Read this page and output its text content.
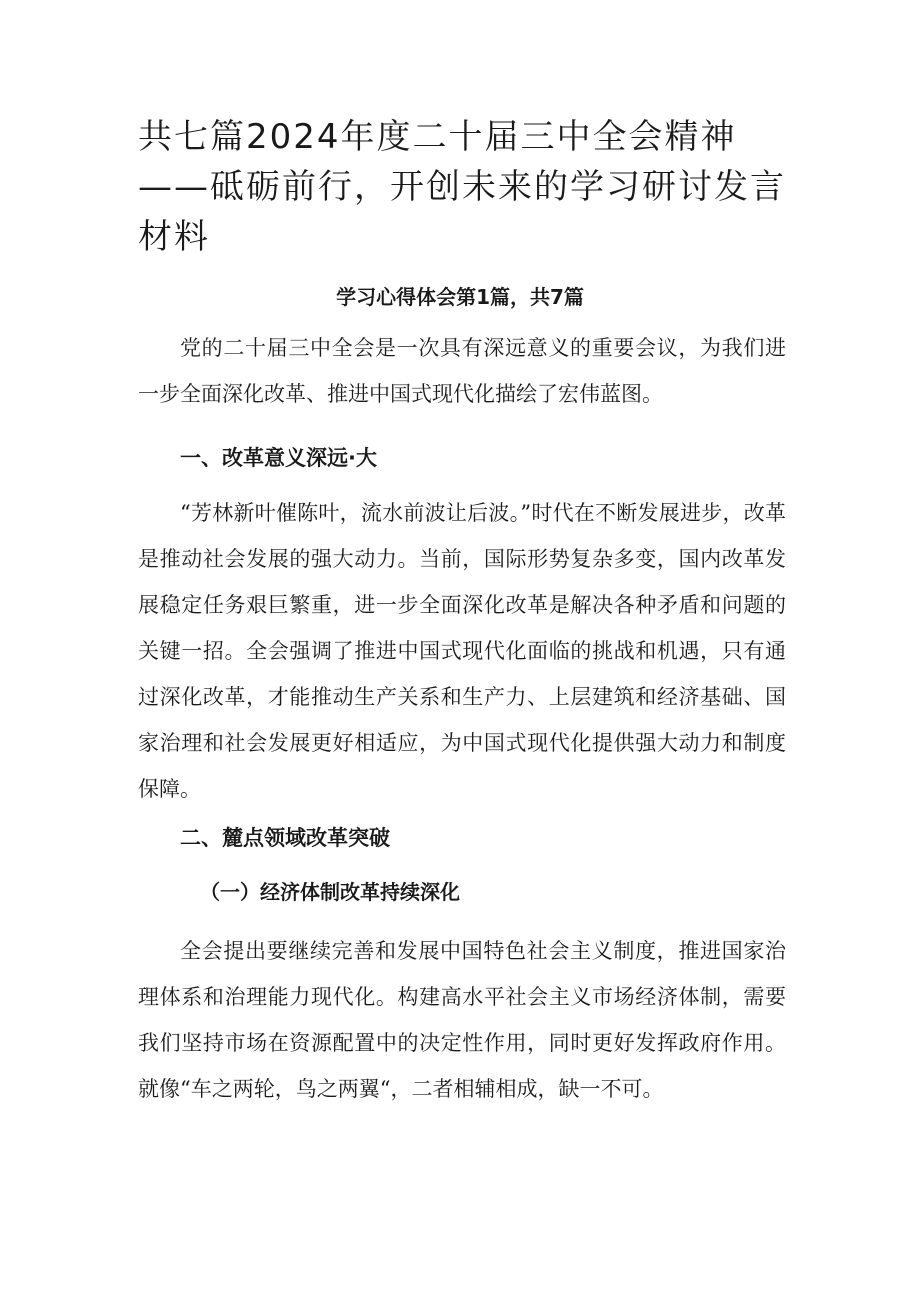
共七篇2024年度二十届三中全会精神——砥砺前行，开创未来的学习研讨发言材料
学习心得体会第1篇，共7篇

党的二十届三中全会是一次具有深远意义的重要会议，为我们进一步全面深化改革、推进中国式现代化描绘了宏伟蓝图。

一、改革意义深远·大

“芳林新叶催陈叶，流水前波让后波。”时代在不断发展进步，改革是推动社会发展的强大动力。当前，国际形势复杂多变，国内改革发展稳定任务艰巨繁重，进一步全面深化改革是解决各种矛盾和问题的关键一招。全会强调了推进中国式现代化面临的挑战和机遇，只有通过深化改革，才能推动生产关系和生产力、上层建筑和经济基础、国家治理和社会发展更好相适应，为中国式现代化提供强大动力和制度保障。

二、麓点领域改革突破
（一）经济体制改革持续深化

全会提出要继续完善和发展中国特色社会主义制度，推进国家治理体系和治理能力现代化。构建高水平社会主义市场经济体制，需要我们坚持市场在资源配置中的决定性作用，同时更好发挥政府作用。就像“车之两轮，鸟之两翼“，二者相辅相成，缺一不可。
